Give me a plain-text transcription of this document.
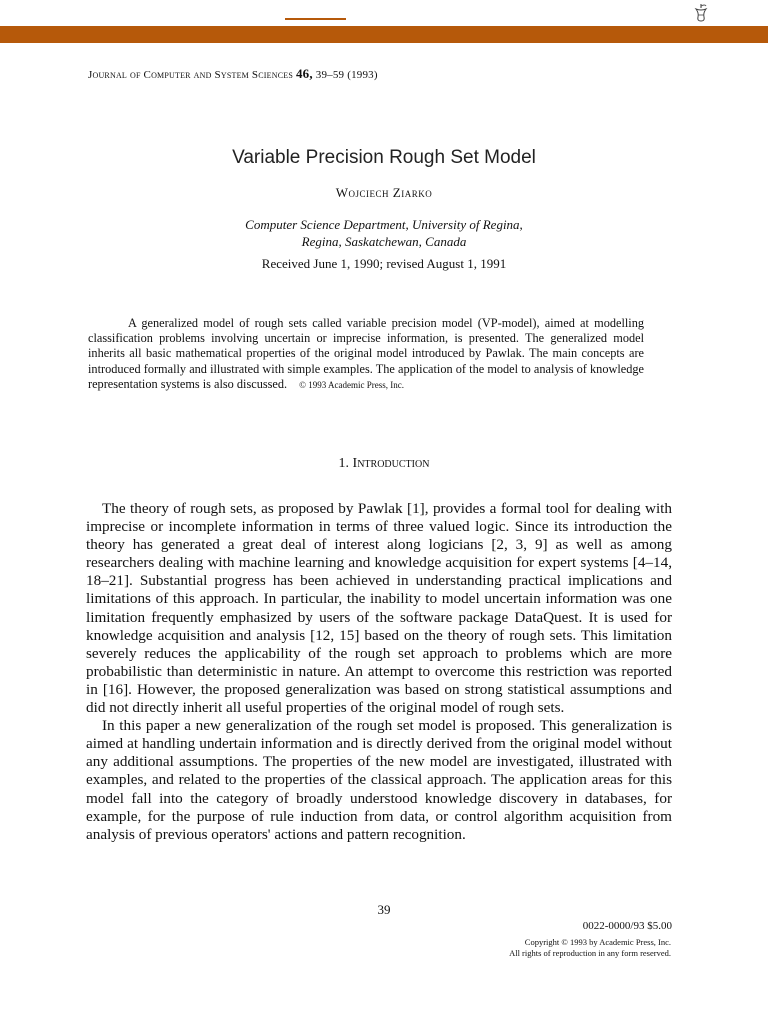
Journal of Computer and System Sciences 46, 39–59 (1993)
Variable Precision Rough Set Model
Wojciech Ziarko
Computer Science Department, University of Regina,
Regina, Saskatchewan, Canada
Received June 1, 1990; revised August 1, 1991

A generalized model of rough sets called variable precision model (VP-model), aimed at modelling classification problems involving uncertain or imprecise information, is presented. The generalized model inherits all basic mathematical properties of the original model introduced by Pawlak. The main concepts are introduced formally and illustrated with simple examples. The application of the model to analysis of knowledge representation systems is also discussed. © 1993 Academic Press, Inc.

1. Introduction

The theory of rough sets, as proposed by Pawlak [1], provides a formal tool for dealing with imprecise or incomplete information in terms of three valued logic. Since its introduction the theory has generated a great deal of interest along logicians [2, 3, 9] as well as among researchers dealing with machine learning and knowledge acquisition for expert systems [4–14, 18–21]. Substantial progress has been achieved in understanding practical implications and limitations of this approach. In particular, the inability to model uncertain information was one limitation frequently emphasized by users of the software package DataQuest. It is used for knowledge acquisition and analysis [12, 15] based on the theory of rough sets. This limitation severely reduces the applicability of the rough set approach to problems which are more probabilistic than deterministic in nature. An attempt to overcome this restriction was reported in [16]. However, the proposed generalization was based on strong statistical assumptions and did not directly inherit all useful properties of the original model of rough sets.

In this paper a new generalization of the rough set model is proposed. This generalization is aimed at handling undertain information and is directly derived from the original model without any additional assumptions. The properties of the new model are investigated, illustrated with examples, and related to the properties of the classical approach. The application areas for this model fall into the category of broadly understood knowledge discovery in databases, for example, for the purpose of rule induction from data, or control algorithm acquisition from analysis of previous operators' actions and pattern recognition.

39
0022-0000/93 $5.00
Copyright © 1993 by Academic Press, Inc.
All rights of reproduction in any form reserved.
